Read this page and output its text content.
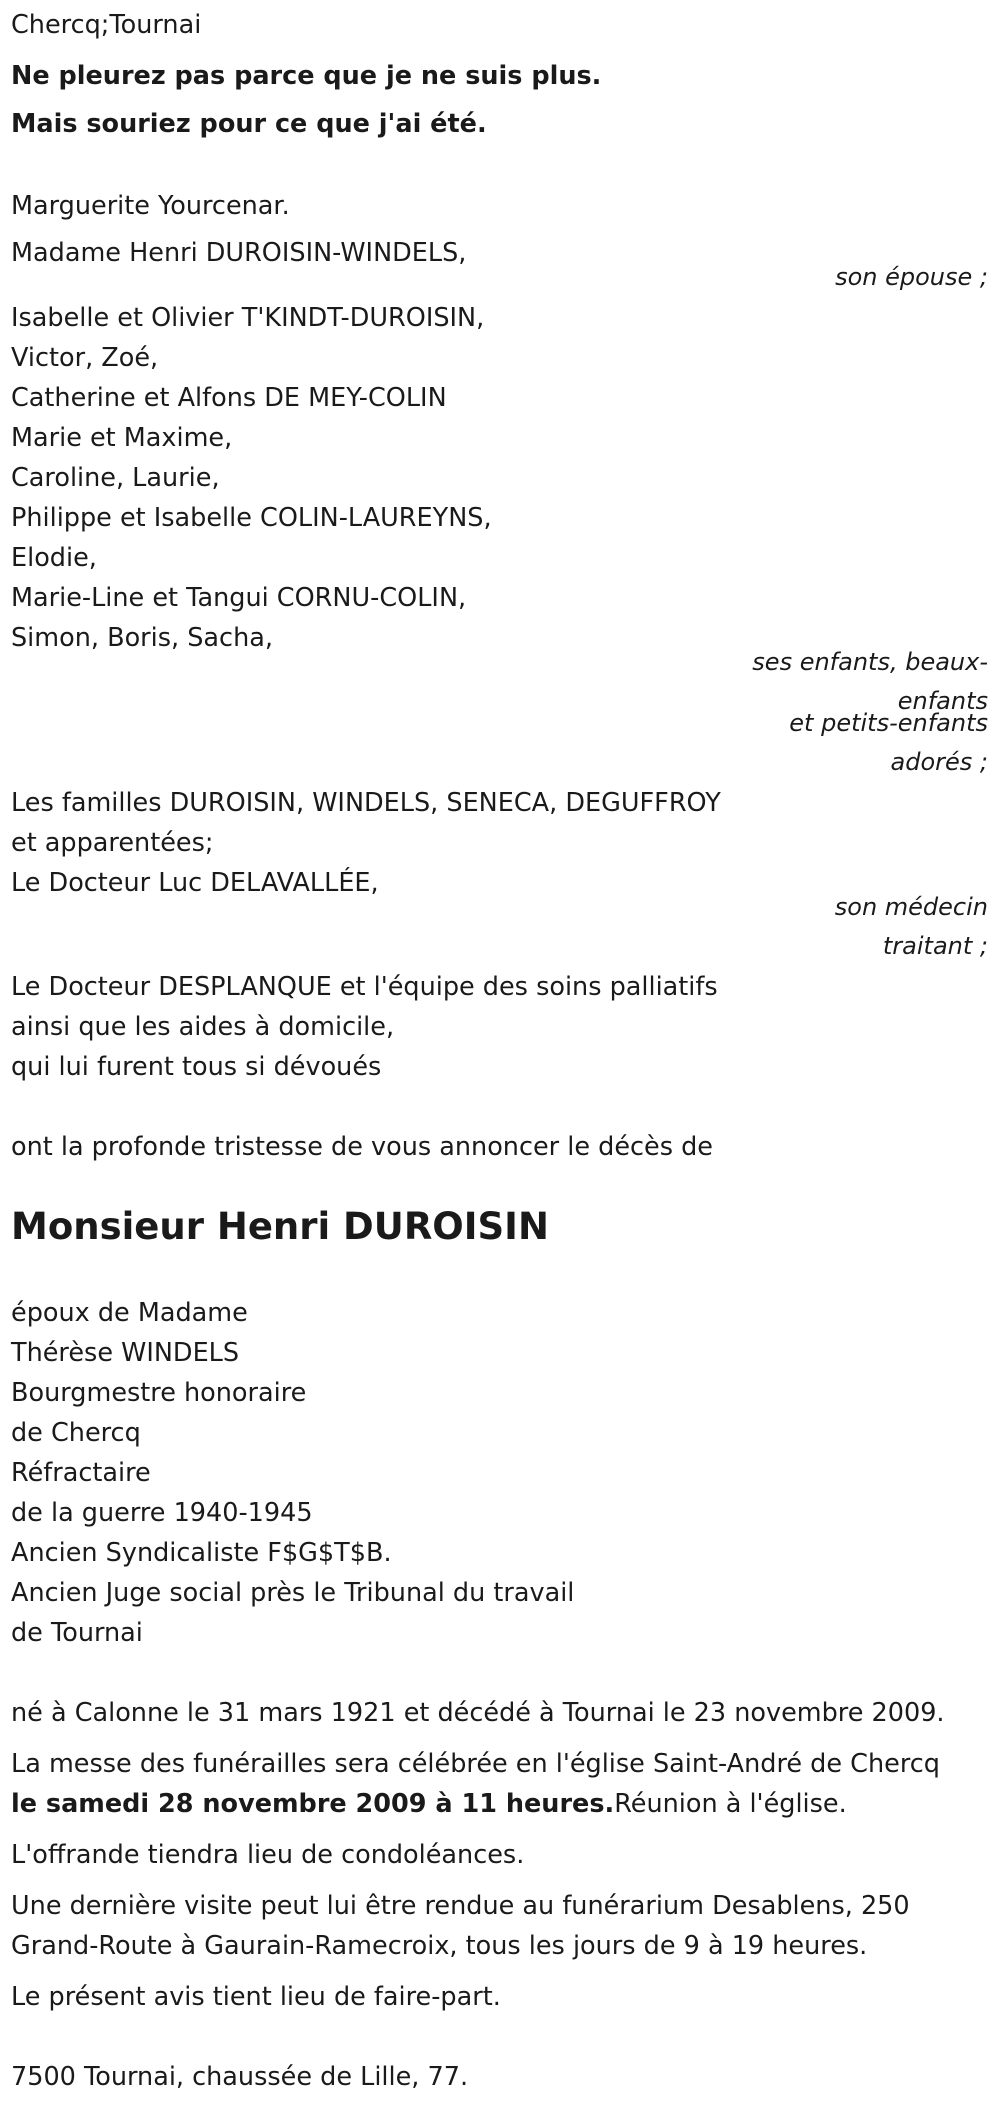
Chercq;Tournai

Ne pleurez pas parce que je ne suis plus.

Mais souriez pour ce que j'ai été.

Marguerite Yourcenar.

Madame Henri DUROISIN-WINDELS,

son épouse ;

Isabelle et Olivier T'KINDT-DUROISIN,

Victor, Zoé,

Catherine et Alfons DE MEY-COLIN

Marie et Maxime,

Caroline, Laurie,

Philippe et Isabelle COLIN-LAUREYNS,

Elodie,

Marie-Line et Tangui CORNU-COLIN,

Simon, Boris, Sacha,

ses enfants, beaux-
enfants
et petits-enfants
adorés ;

Les familles DUROISIN, WINDELS, SENECA, DEGUFFROY

et apparentées;

Le Docteur Luc DELAVALLÉE,

son médecin
traitant ;

Le Docteur DESPLANQUE et l'équipe des soins palliatifs

ainsi que les aides à domicile,

qui lui furent tous si dévoués

ont la profonde tristesse de vous annoncer le décès de

Monsieur Henri DUROISIN

époux de Madame

Thérèse WINDELS

Bourgmestre honoraire

de Chercq

Réfractaire

de la guerre 1940-1945

Ancien Syndicaliste F$G$T$B.

Ancien Juge social près le Tribunal du travail

de Tournai

né à Calonne le 31 mars 1921 et décédé à Tournai le 23 novembre 2009.

La messe des funérailles sera célébrée en l'église Saint-André de Chercq

le samedi 28 novembre 2009 à 11 heures.Réunion à l'église.

L'offrande tiendra lieu de condoléances.

Une dernière visite peut lui être rendue au funérarium Desablens, 250

Grand-Route à Gaurain-Ramecroix, tous les jours de 9 à 19 heures.

Le présent avis tient lieu de faire-part.

7500 Tournai, chaussée de Lille, 77.
